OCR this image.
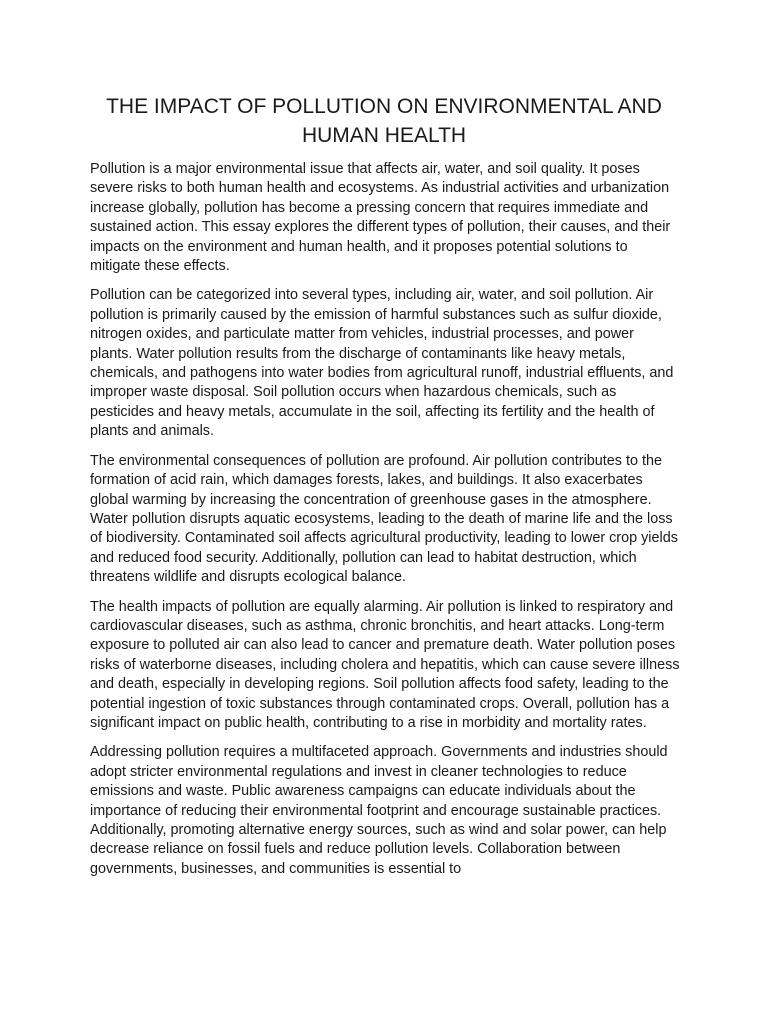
THE IMPACT OF POLLUTION ON ENVIRONMENTAL AND HUMAN HEALTH

Pollution is a major environmental issue that affects air, water, and soil quality. It poses severe risks to both human health and ecosystems. As industrial activities and urbanization increase globally, pollution has become a pressing concern that requires immediate and sustained action. This essay explores the different types of pollution, their causes, and their impacts on the environment and human health, and it proposes potential solutions to mitigate these effects.

Pollution can be categorized into several types, including air, water, and soil pollution. Air pollution is primarily caused by the emission of harmful substances such as sulfur dioxide, nitrogen oxides, and particulate matter from vehicles, industrial processes, and power plants. Water pollution results from the discharge of contaminants like heavy metals, chemicals, and pathogens into water bodies from agricultural runoff, industrial effluents, and improper waste disposal. Soil pollution occurs when hazardous chemicals, such as pesticides and heavy metals, accumulate in the soil, affecting its fertility and the health of plants and animals.

The environmental consequences of pollution are profound. Air pollution contributes to the formation of acid rain, which damages forests, lakes, and buildings. It also exacerbates global warming by increasing the concentration of greenhouse gases in the atmosphere. Water pollution disrupts aquatic ecosystems, leading to the death of marine life and the loss of biodiversity. Contaminated soil affects agricultural productivity, leading to lower crop yields and reduced food security. Additionally, pollution can lead to habitat destruction, which threatens wildlife and disrupts ecological balance.

The health impacts of pollution are equally alarming. Air pollution is linked to respiratory and cardiovascular diseases, such as asthma, chronic bronchitis, and heart attacks. Long-term exposure to polluted air can also lead to cancer and premature death. Water pollution poses risks of waterborne diseases, including cholera and hepatitis, which can cause severe illness and death, especially in developing regions. Soil pollution affects food safety, leading to the potential ingestion of toxic substances through contaminated crops. Overall, pollution has a significant impact on public health, contributing to a rise in morbidity and mortality rates.

Addressing pollution requires a multifaceted approach. Governments and industries should adopt stricter environmental regulations and invest in cleaner technologies to reduce emissions and waste. Public awareness campaigns can educate individuals about the importance of reducing their environmental footprint and encourage sustainable practices. Additionally, promoting alternative energy sources, such as wind and solar power, can help decrease reliance on fossil fuels and reduce pollution levels. Collaboration between governments, businesses, and communities is essential to
